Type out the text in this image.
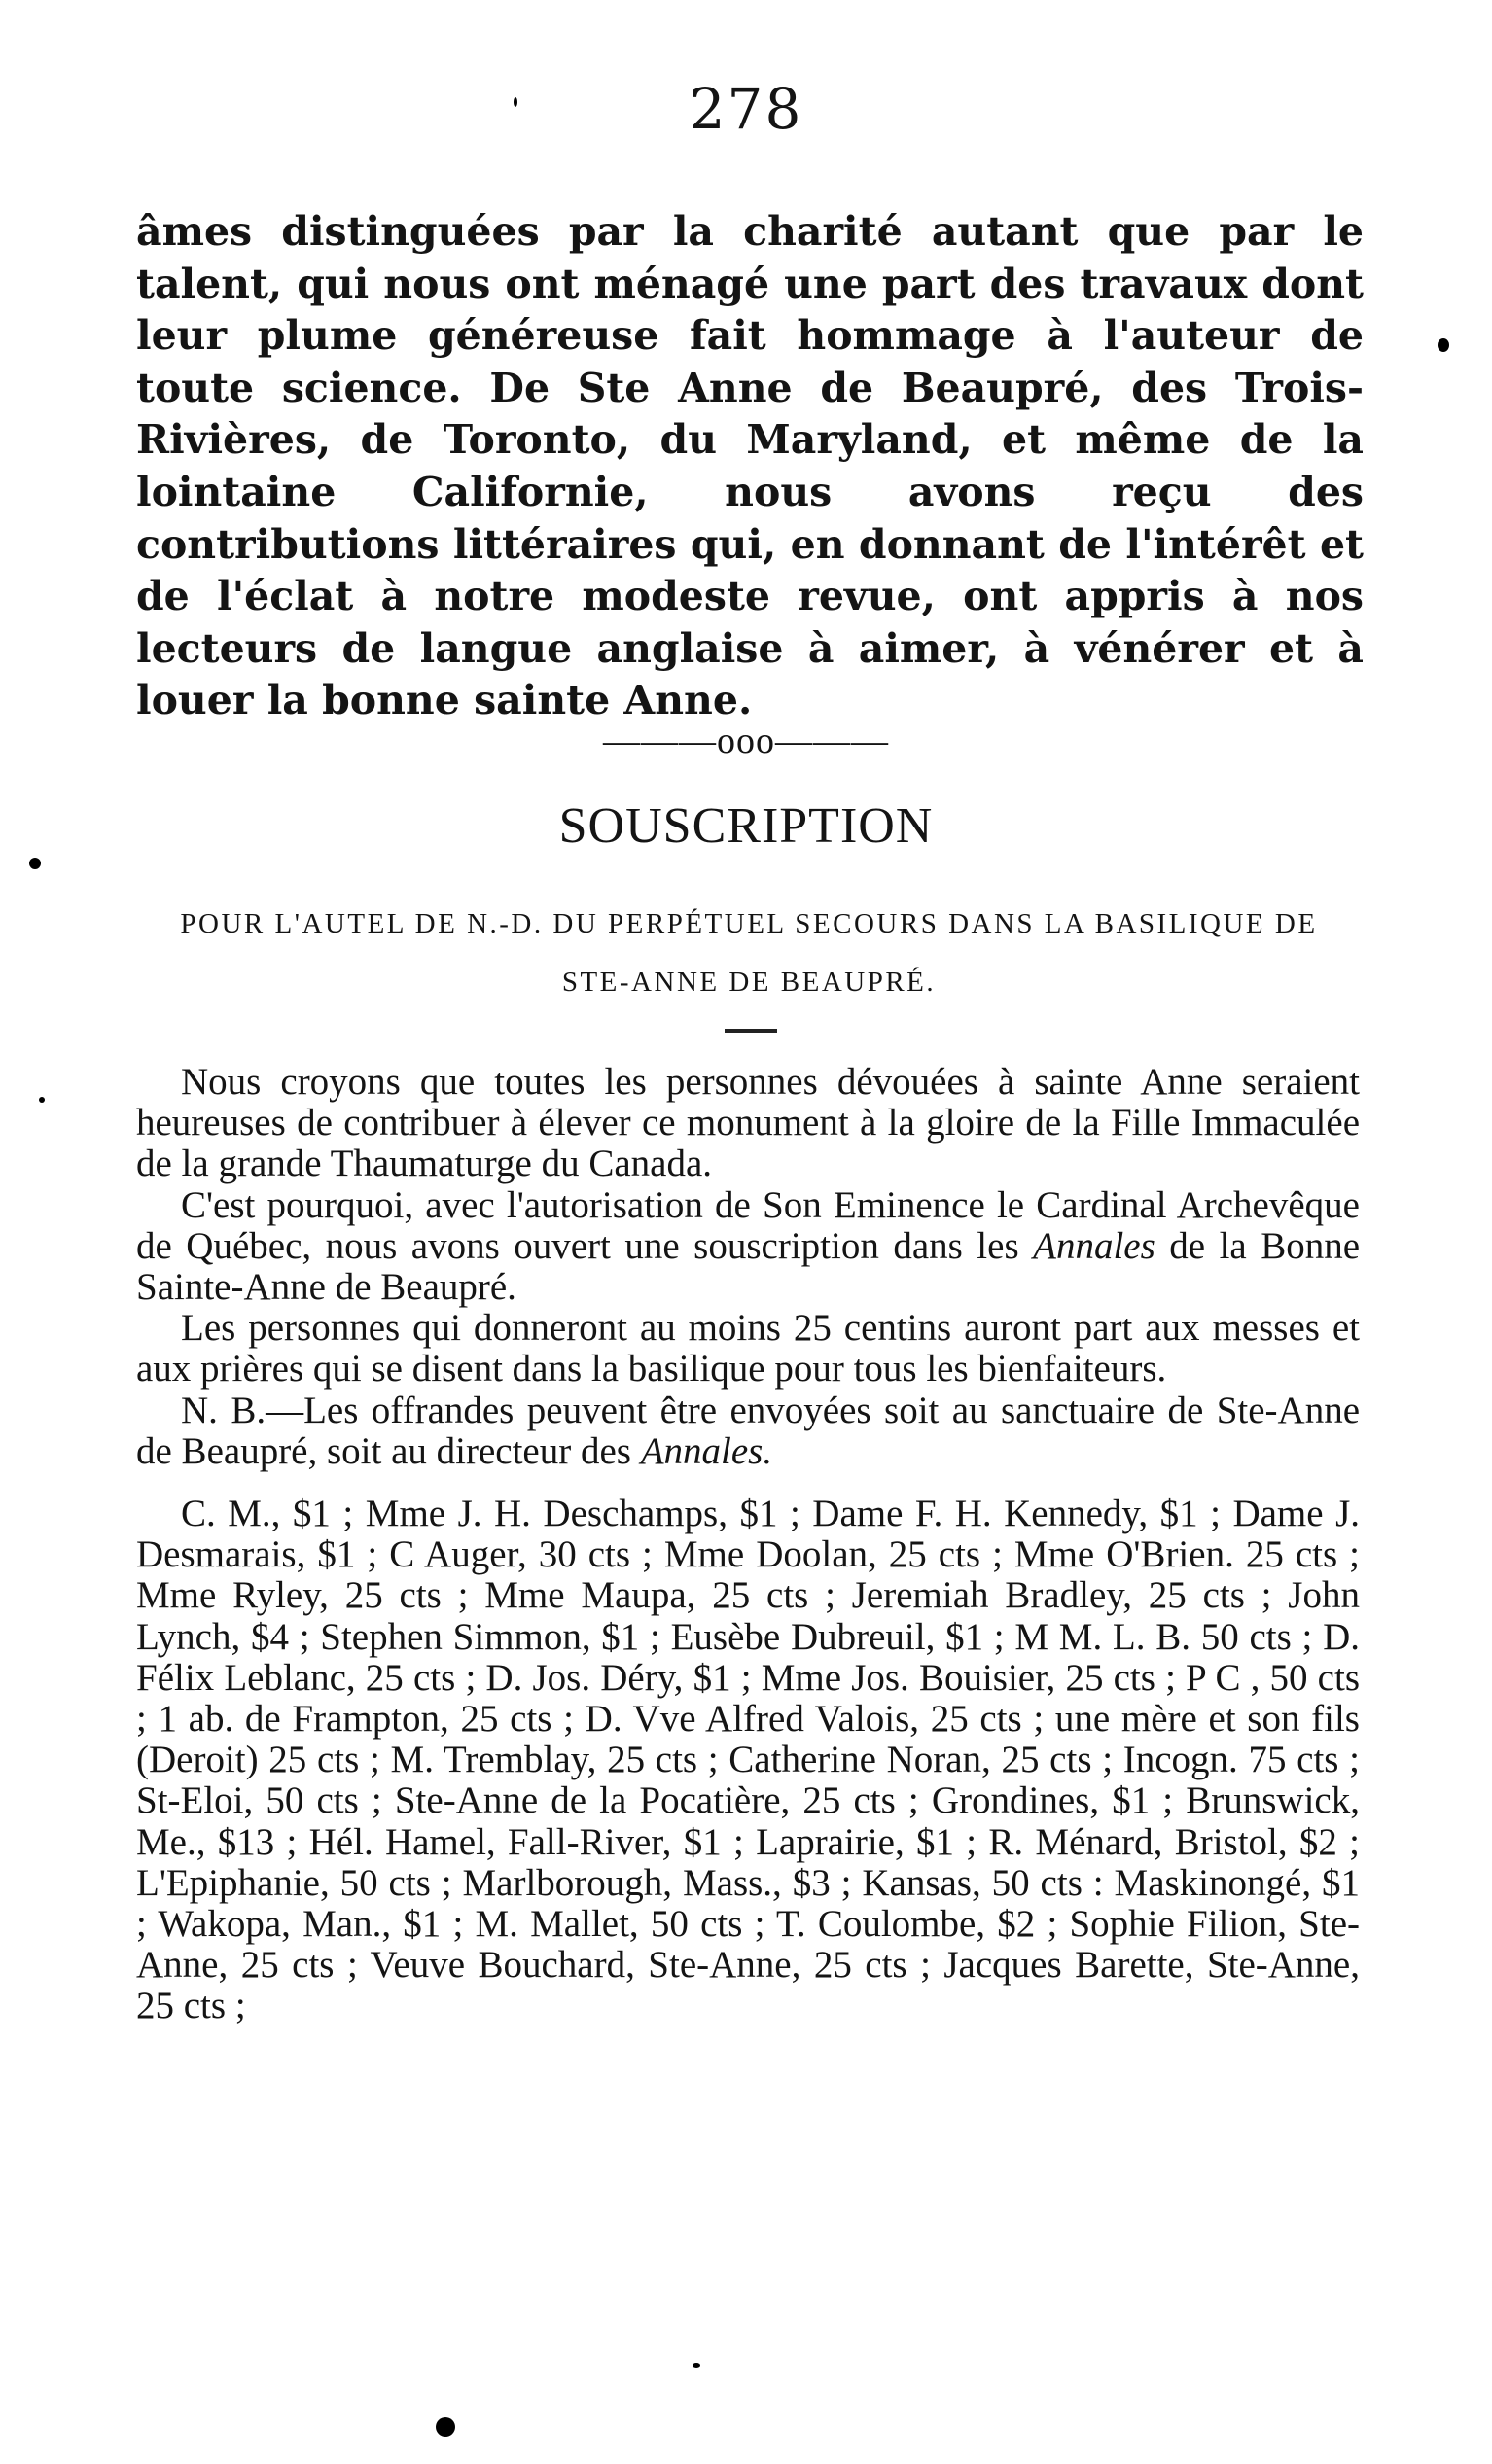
278

âmes distinguées par la charité autant que par le talent, qui nous ont ménagé une part des travaux dont leur plume généreuse fait hommage à l'auteur de toute science. De Ste Anne de Beaupré, des Trois-Rivières, de Toronto, du Maryland, et même de la lointaine Californie, nous avons reçu des contributions littéraires qui, en donnant de l'intérêt et de l'éclat à notre modeste revue, ont appris à nos lecteurs de langue anglaise à aimer, à vénérer et à louer la bonne sainte Anne.

———ooo———
SOUSCRIPTION
POUR L'AUTEL DE N.-D. DU PERPÉTUEL SECOURS DANS LA BASILIQUE DE STE-ANNE DE BEAUPRÉ.

Nous croyons que toutes les personnes dévouées à sainte Anne seraient heureuses de contribuer à élever ce monument à la gloire de la Fille Immaculée de la grande Thaumaturge du Canada.

C'est pourquoi, avec l'autorisation de Son Eminence le Cardinal Archevêque de Québec, nous avons ouvert une souscription dans les Annales de la Bonne Sainte-Anne de Beaupré.

Les personnes qui donneront au moins 25 centins auront part aux messes et aux prières qui se disent dans la basilique pour tous les bienfaiteurs.

N. B.—Les offrandes peuvent être envoyées soit au sanctuaire de Ste-Anne de Beaupré, soit au directeur des Annales.

C. M., $1 ; Mme J. H. Deschamps, $1 ; Dame F. H. Kennedy, $1 ; Dame J. Desmarais, $1 ; C Auger, 30 cts ; Mme Doolan, 25 cts ; Mme O'Brien. 25 cts ; Mme Ryley, 25 cts ; Mme Maupa, 25 cts ; Jeremiah Bradley, 25 cts ; John Lynch, $4 ; Stephen Simmon, $1 ; Eusèbe Dubreuil, $1 ; M M. L. B. 50 cts ; D. Félix Leblanc, 25 cts ; D. Jos. Déry, $1 ; Mme Jos. Bouisier, 25 cts ; P C , 50 cts ; 1 ab. de Frampton, 25 cts ; D. Vve Alfred Valois, 25 cts ; une mère et son fils (Deroit) 25 cts ; M. Tremblay, 25 cts ; Catherine Noran, 25 cts ; Incogn. 75 cts ; St-Eloi, 50 cts ; Ste-Anne de la Pocatière, 25 cts ; Grondines, $1 ; Brunswick, Me., $13 ; Hél. Hamel, Fall-River, $1 ; Laprairie, $1 ; R. Ménard, Bristol, $2 ; L'Epiphanie, 50 cts ; Marlborough, Mass., $3 ; Kansas, 50 cts : Maskinongé, $1 ; Wakopa, Man., $1 ; M. Mallet, 50 cts ; T. Coulombe, $2 ; Sophie Filion, Ste-Anne, 25 cts ; Veuve Bouchard, Ste-Anne, 25 cts ; Jacques Barette, Ste-Anne, 25 cts ;
